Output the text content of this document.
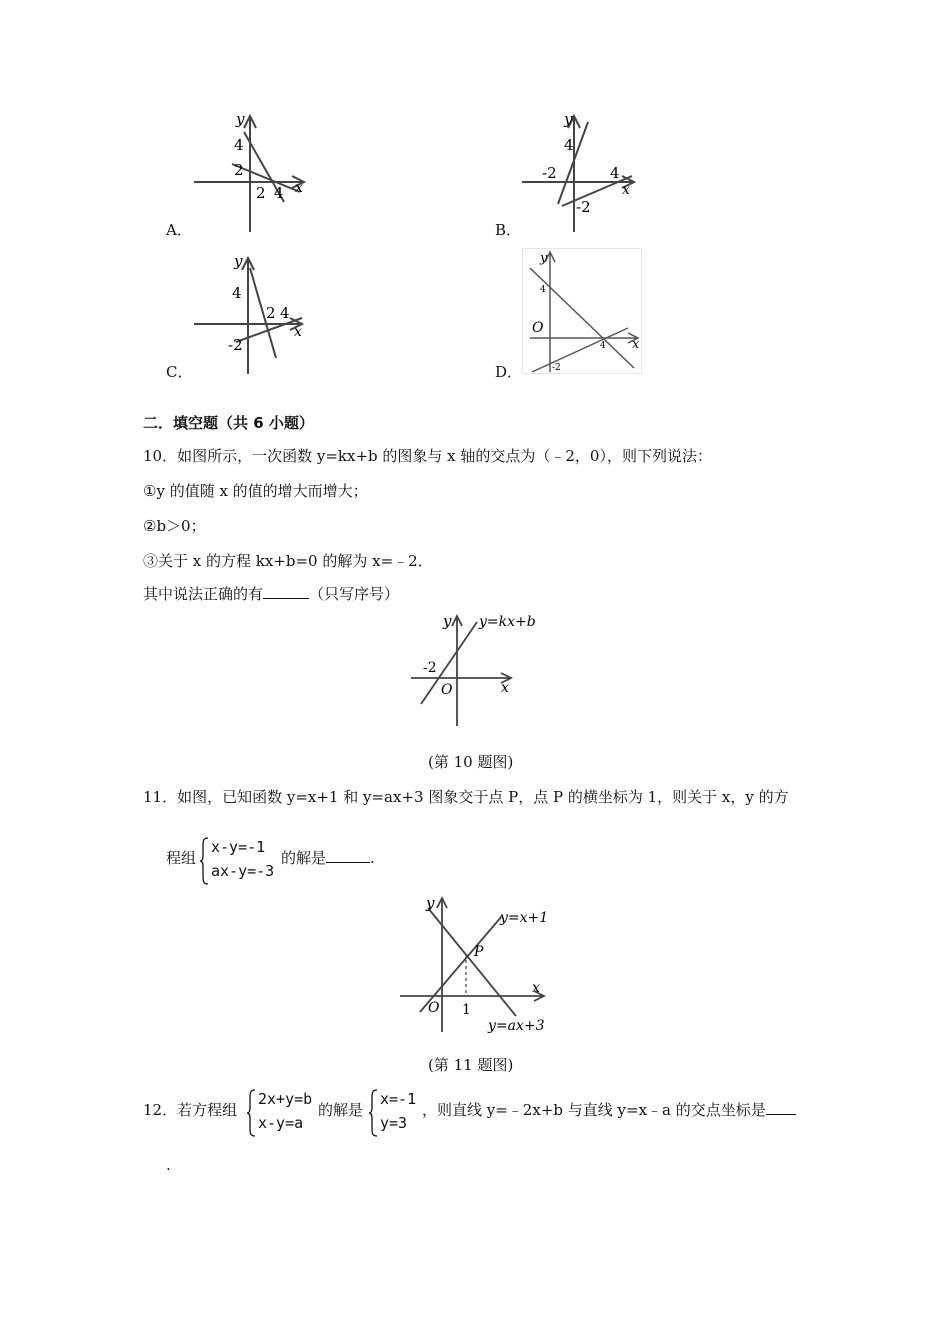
A．
y
4
2
2 4 x
B．
y
4
-2	4
x
-2
C．
y
4
2 4
x
-2
D．
y
4
O
4 x
-2
二．填空题（共 6 小题）
10．如图所示，一次函数 y=kx+b 的图象与 x 轴的交点为（﹣2，0），则下列说法：
①y 的值随 x 的值的增大而增大；
②b＞0；
③关于 x 的方程 kx+b=0 的解为 x=﹣2．
其中说法正确的有	（只写序号）
y y=kx+b
-2
O	x
(第 10 题图)
11．如图，已知函数 y=x+1 和 y=ax+3 图象交于点 P，点 P 的横坐标为 1，则关于 x，y 的方
程组
x-y=-1
ax-y=-3
的解是	.
y
y=x+1
P
x
O 1
y=ax+3
(第 11 题图)
12．若方程组
2x+y=b
x-y=a
的解是
x=-1
y=3
，则直线 y=﹣2x+b 与直线 y=x﹣a 的交点坐标是
.
